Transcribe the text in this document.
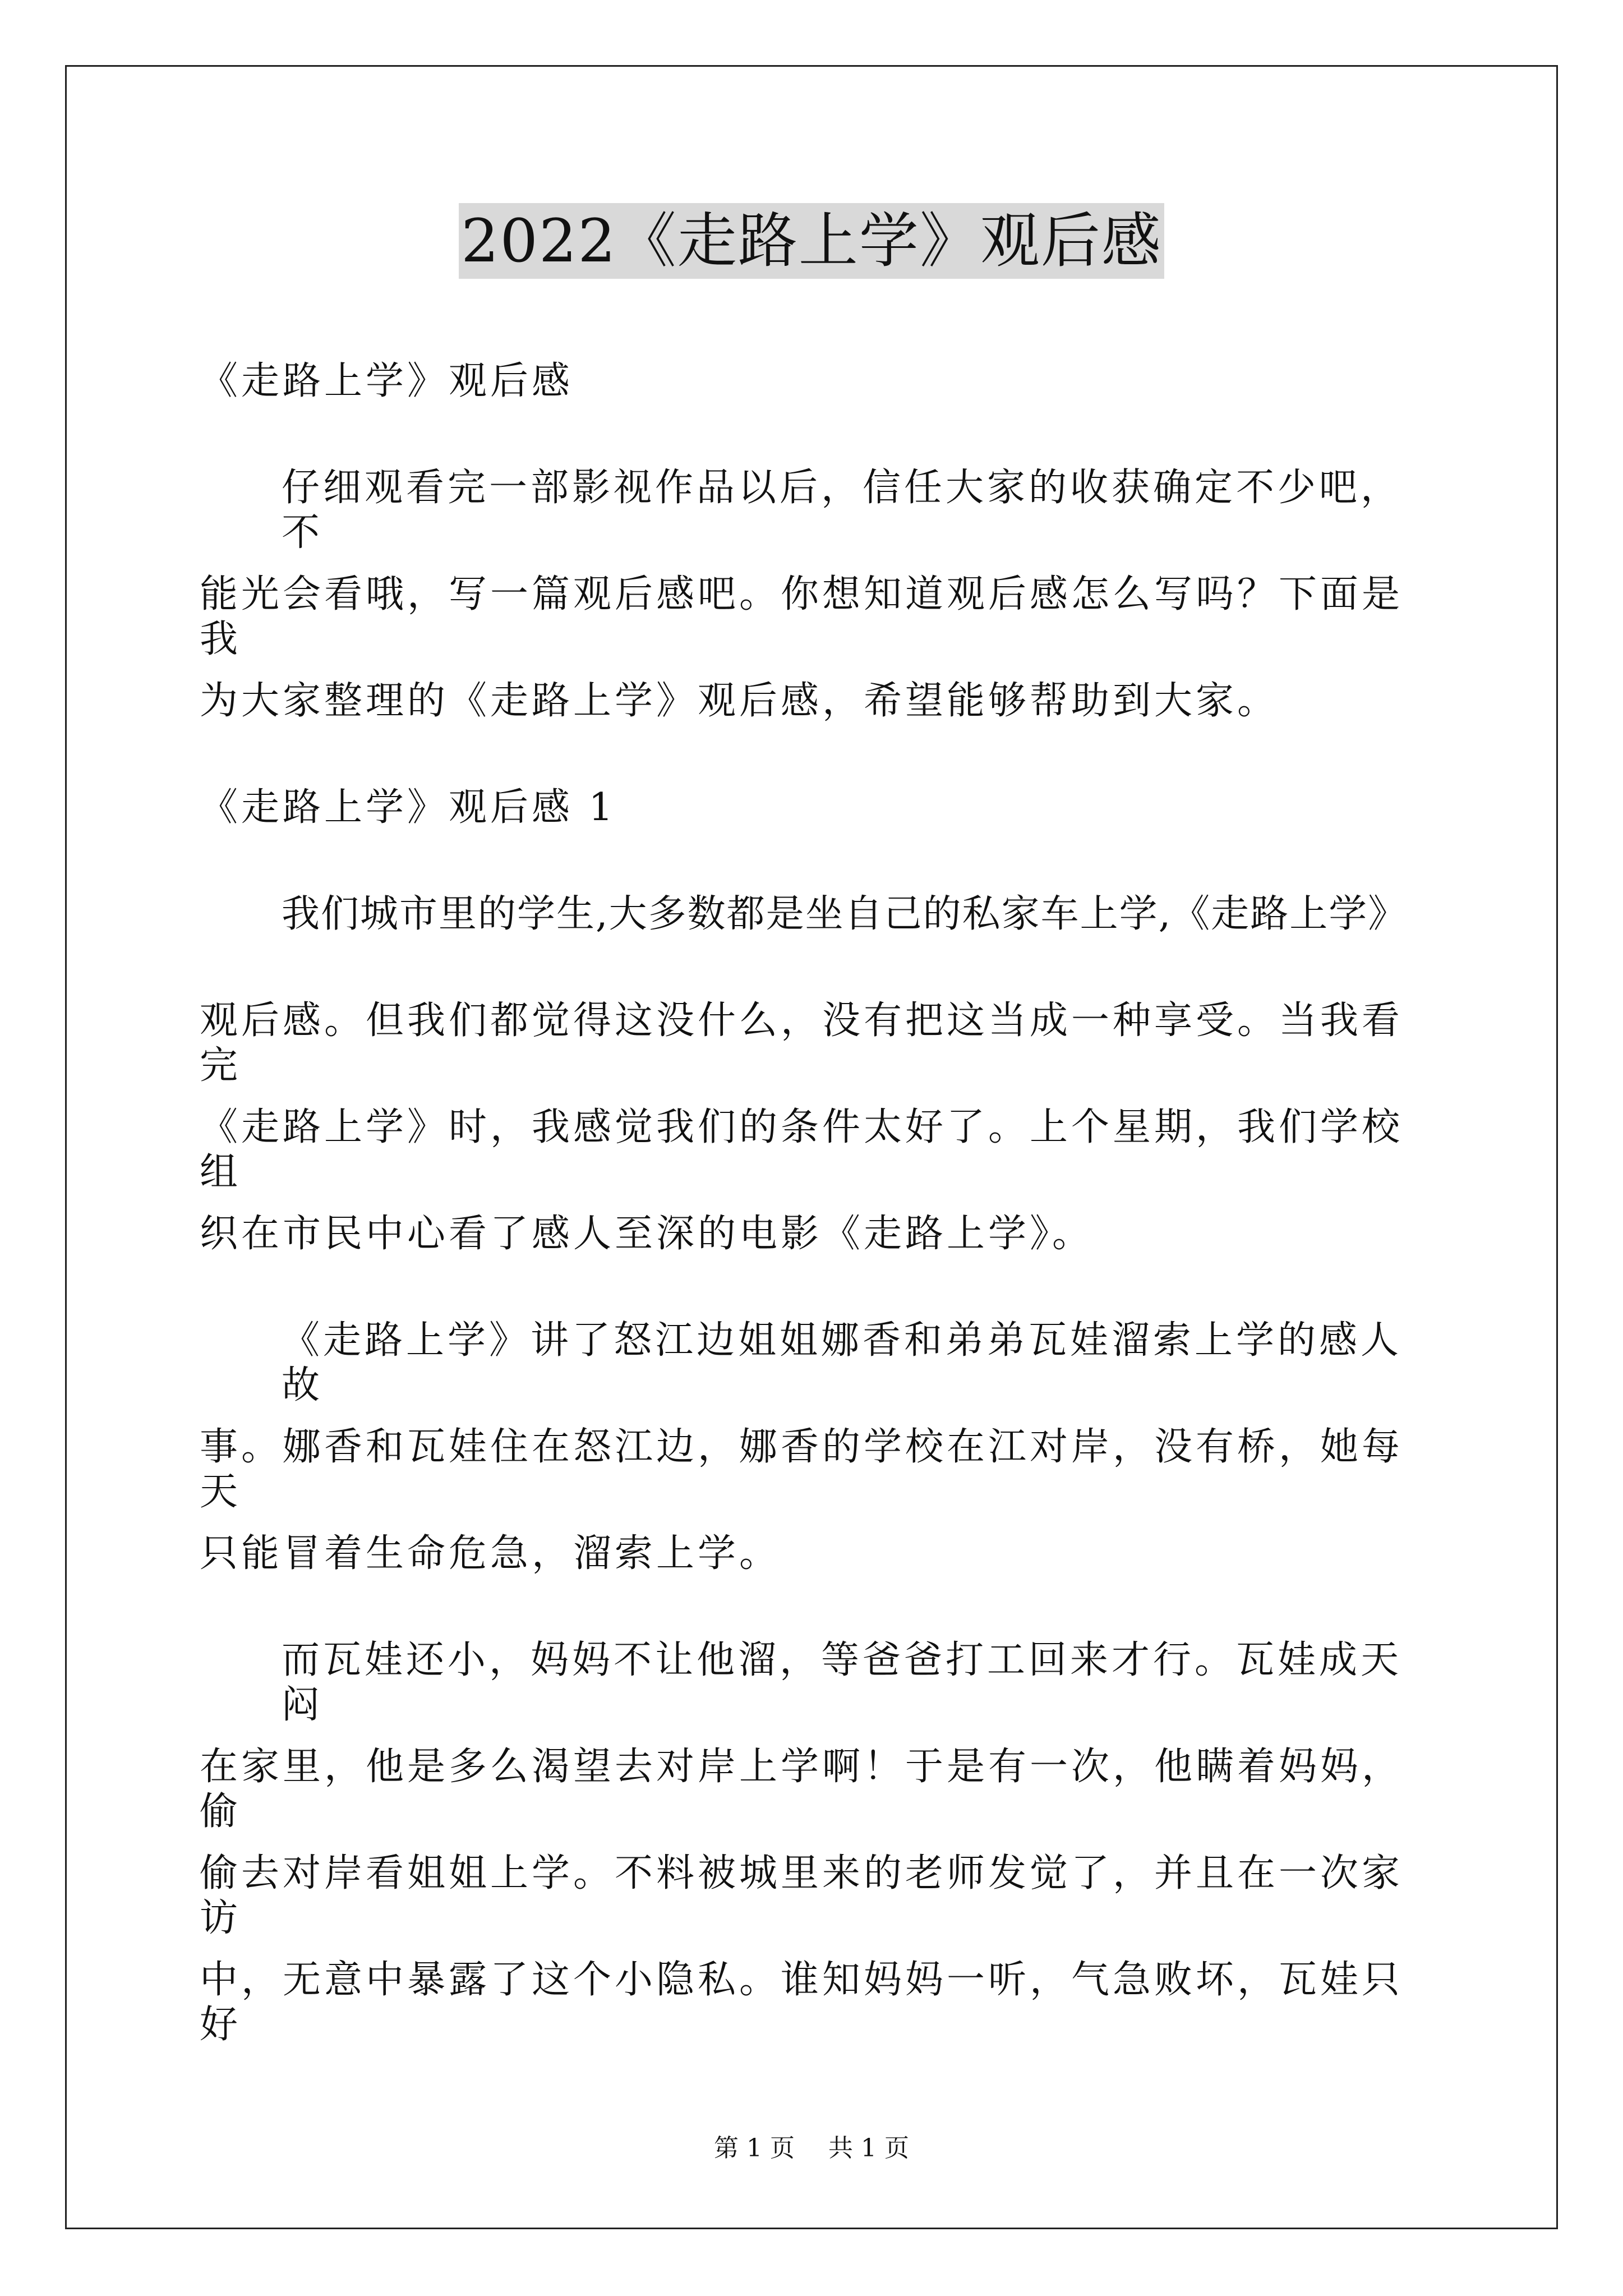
2022《走路上学》观后感
《走路上学》观后感
仔细观看完一部影视作品以后，信任大家的收获确定不少吧，不
能光会看哦，写一篇观后感吧。你想知道观后感怎么写吗？下面是我
为大家整理的《走路上学》观后感，希望能够帮助到大家。
《走路上学》观后感 1
我们城市里的学生,大多数都是坐自己的私家车上学,《走路上学》
观后感。但我们都觉得这没什么，没有把这当成一种享受。当我看完
《走路上学》时，我感觉我们的条件太好了。上个星期，我们学校组
织在市民中心看了感人至深的电影《走路上学》。
《走路上学》讲了怒江边姐姐娜香和弟弟瓦娃溜索上学的感人故
事。娜香和瓦娃住在怒江边，娜香的学校在江对岸，没有桥，她每天
只能冒着生命危急，溜索上学。
而瓦娃还小，妈妈不让他溜，等爸爸打工回来才行。瓦娃成天闷
在家里，他是多么渴望去对岸上学啊！于是有一次，他瞒着妈妈，偷
偷去对岸看姐姐上学。不料被城里来的老师发觉了，并且在一次家访
中，无意中暴露了这个小隐私。谁知妈妈一听，气急败坏，瓦娃只好
第 1 页 共 1 页
